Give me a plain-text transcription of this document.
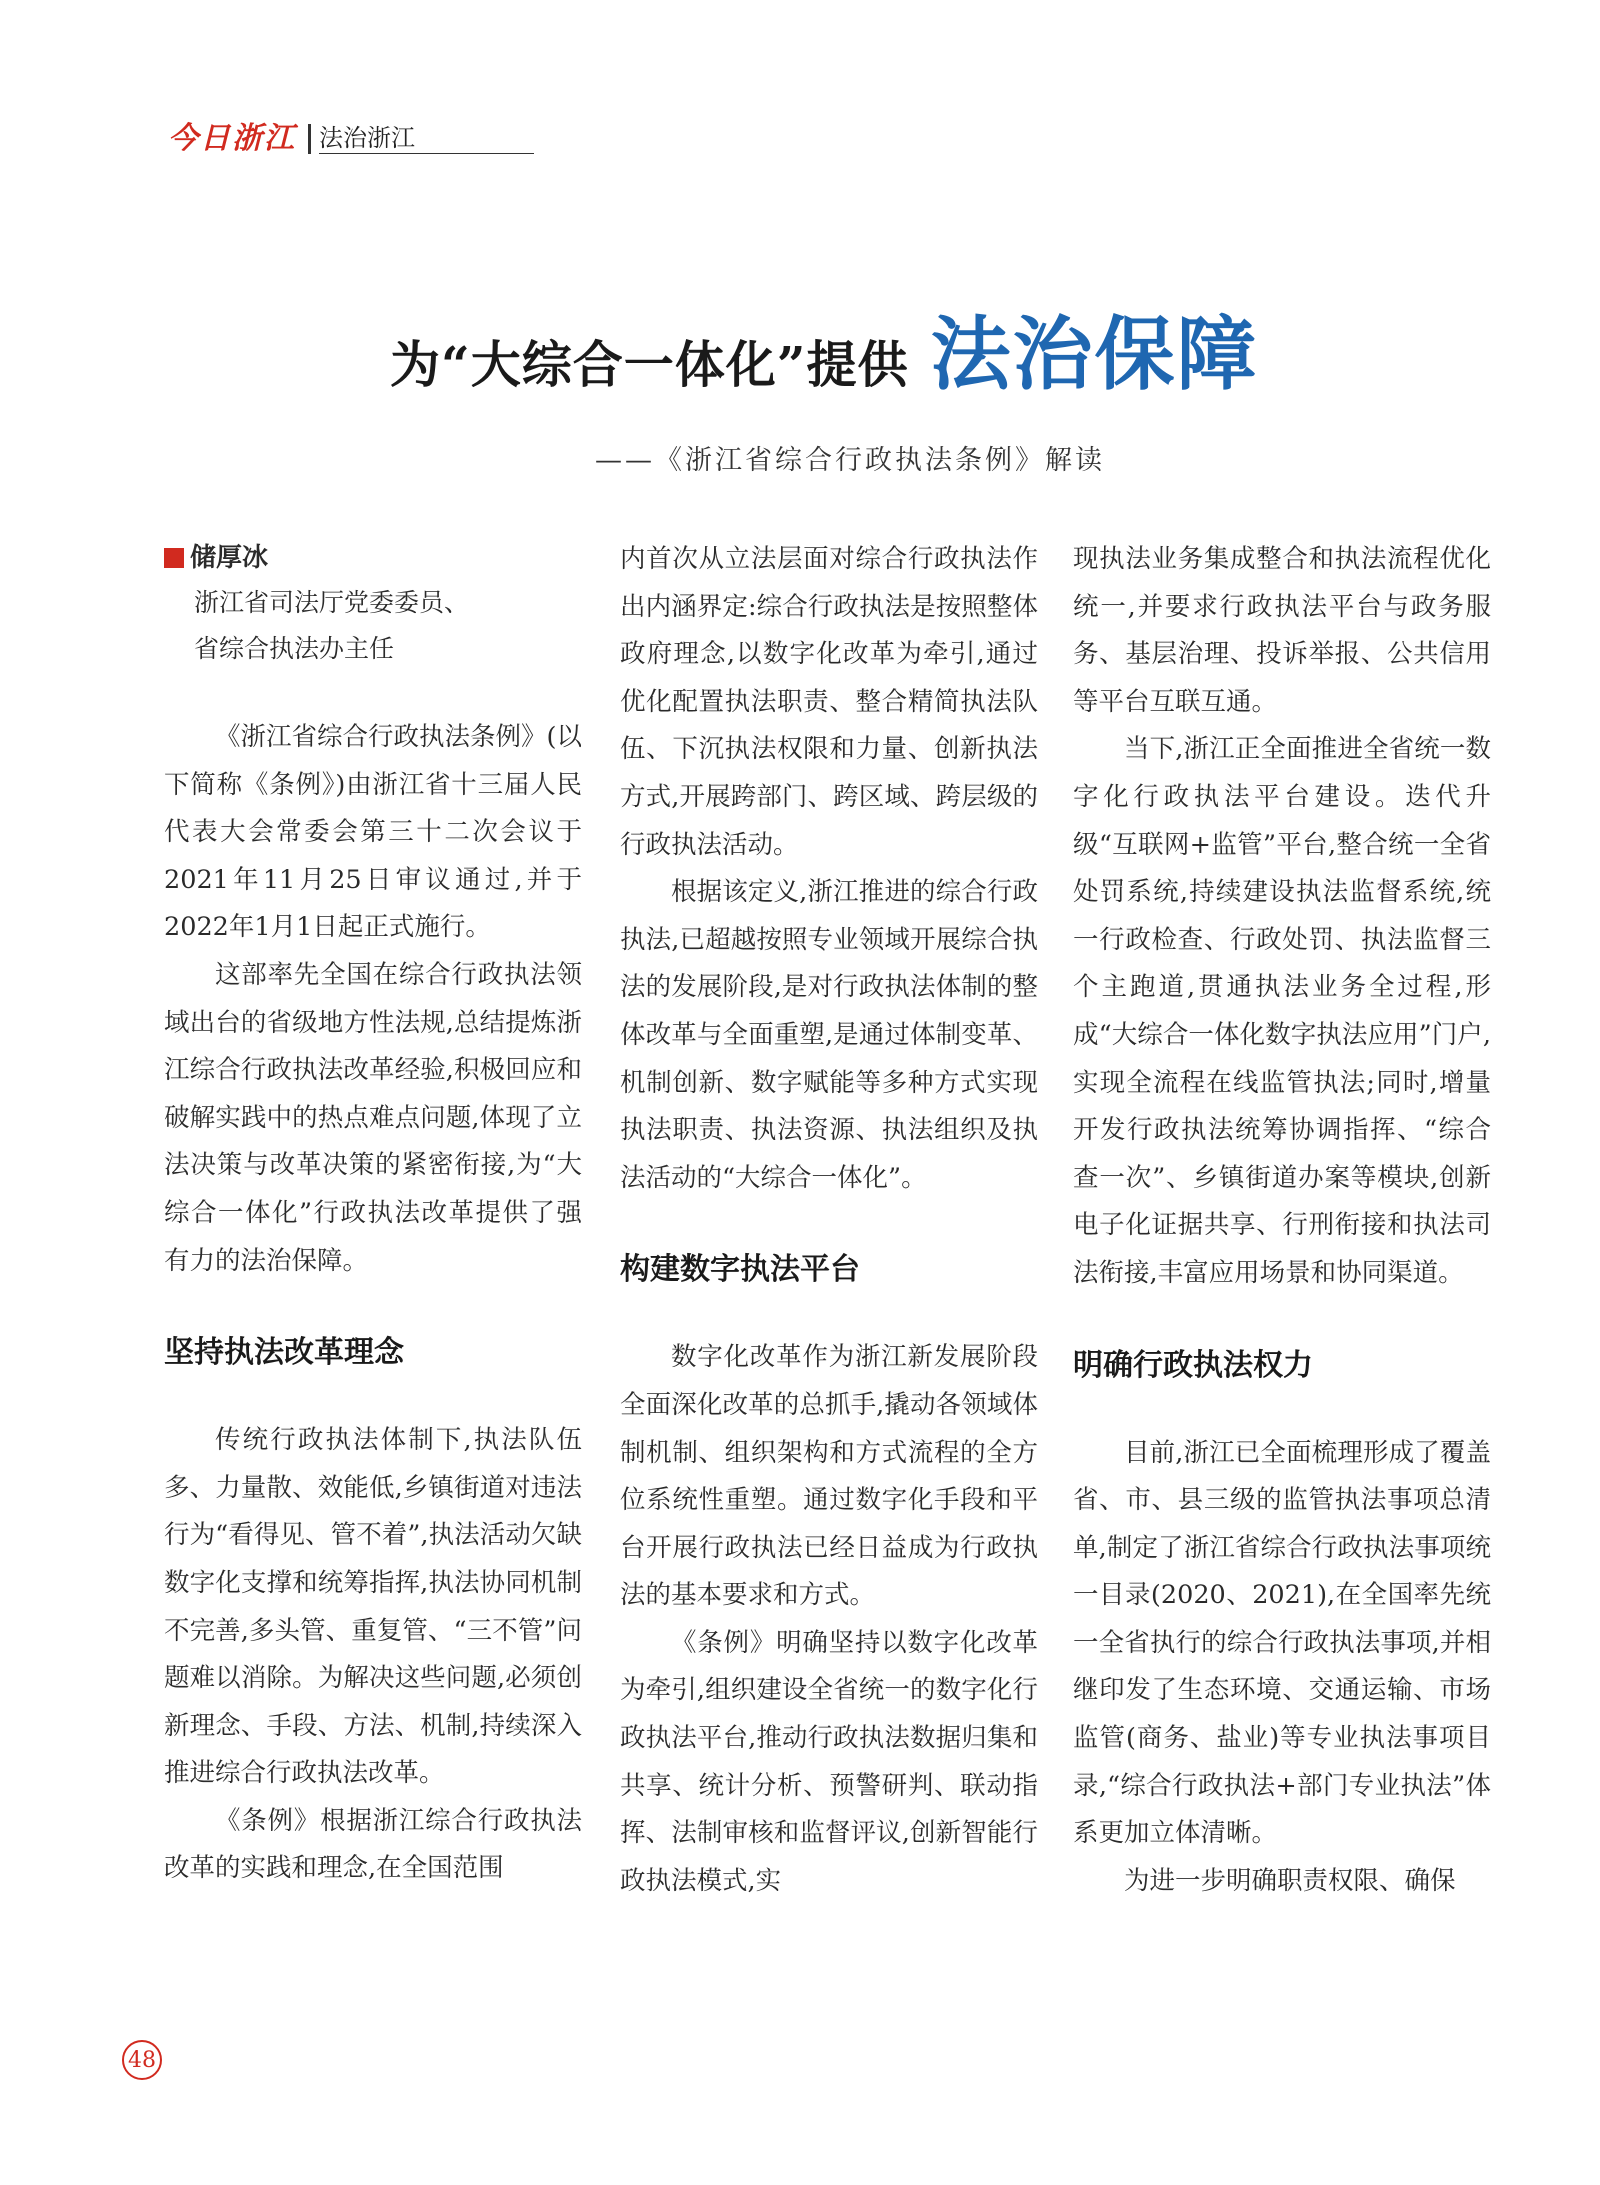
今日浙江 法治浙江
为“大综合一体化”提供 法治保障
——《浙江省综合行政执法条例》解读
储厚冰
浙江省司法厅党委委员、
省综合执法办主任

《浙江省综合行政执法条例》(以下简称《条例》)由浙江省十三届人民代表大会常委会第三十二次会议于2021年11月25日审议通过,并于2022年1月1日起正式施行。

这部率先全国在综合行政执法领域出台的省级地方性法规,总结提炼浙江综合行政执法改革经验,积极回应和破解实践中的热点难点问题,体现了立法决策与改革决策的紧密衔接,为“大综合一体化”行政执法改革提供了强有力的法治保障。

坚持执法改革理念

传统行政执法体制下,执法队伍多、力量散、效能低,乡镇街道对违法行为“看得见、管不着”,执法活动欠缺数字化支撑和统筹指挥,执法协同机制不完善,多头管、重复管、“三不管”问题难以消除。为解决这些问题,必须创新理念、手段、方法、机制,持续深入推进综合行政执法改革。

《条例》根据浙江综合行政执法改革的实践和理念,在全国范围

内首次从立法层面对综合行政执法作出内涵界定:综合行政执法是按照整体政府理念,以数字化改革为牵引,通过优化配置执法职责、整合精简执法队伍、下沉执法权限和力量、创新执法方式,开展跨部门、跨区域、跨层级的行政执法活动。

根据该定义,浙江推进的综合行政执法,已超越按照专业领域开展综合执法的发展阶段,是对行政执法体制的整体改革与全面重塑,是通过体制变革、机制创新、数字赋能等多种方式实现执法职责、执法资源、执法组织及执法活动的“大综合一体化”。

构建数字执法平台

数字化改革作为浙江新发展阶段全面深化改革的总抓手,撬动各领域体制机制、组织架构和方式流程的全方位系统性重塑。通过数字化手段和平台开展行政执法已经日益成为行政执法的基本要求和方式。

《条例》明确坚持以数字化改革为牵引,组织建设全省统一的数字化行政执法平台,推动行政执法数据归集和共享、统计分析、预警研判、联动指挥、法制审核和监督评议,创新智能行政执法模式,实

现执法业务集成整合和执法流程优化统一,并要求行政执法平台与政务服务、基层治理、投诉举报、公共信用等平台互联互通。

当下,浙江正全面推进全省统一数字化行政执法平台建设。迭代升级“互联网+监管”平台,整合统一全省处罚系统,持续建设执法监督系统,统一行政检查、行政处罚、执法监督三个主跑道,贯通执法业务全过程,形成“大综合一体化数字执法应用”门户,实现全流程在线监管执法;同时,增量开发行政执法统筹协调指挥、“综合查一次”、乡镇街道办案等模块,创新电子化证据共享、行刑衔接和执法司法衔接,丰富应用场景和协同渠道。

明确行政执法权力

目前,浙江已全面梳理形成了覆盖省、市、县三级的监管执法事项总清单,制定了浙江省综合行政执法事项统一目录(2020、2021),在全国率先统一全省执行的综合行政执法事项,并相继印发了生态环境、交通运输、市场监管(商务、盐业)等专业执法事项目录,“综合行政执法+部门专业执法”体系更加立体清晰。

为进一步明确职责权限、确保

48
